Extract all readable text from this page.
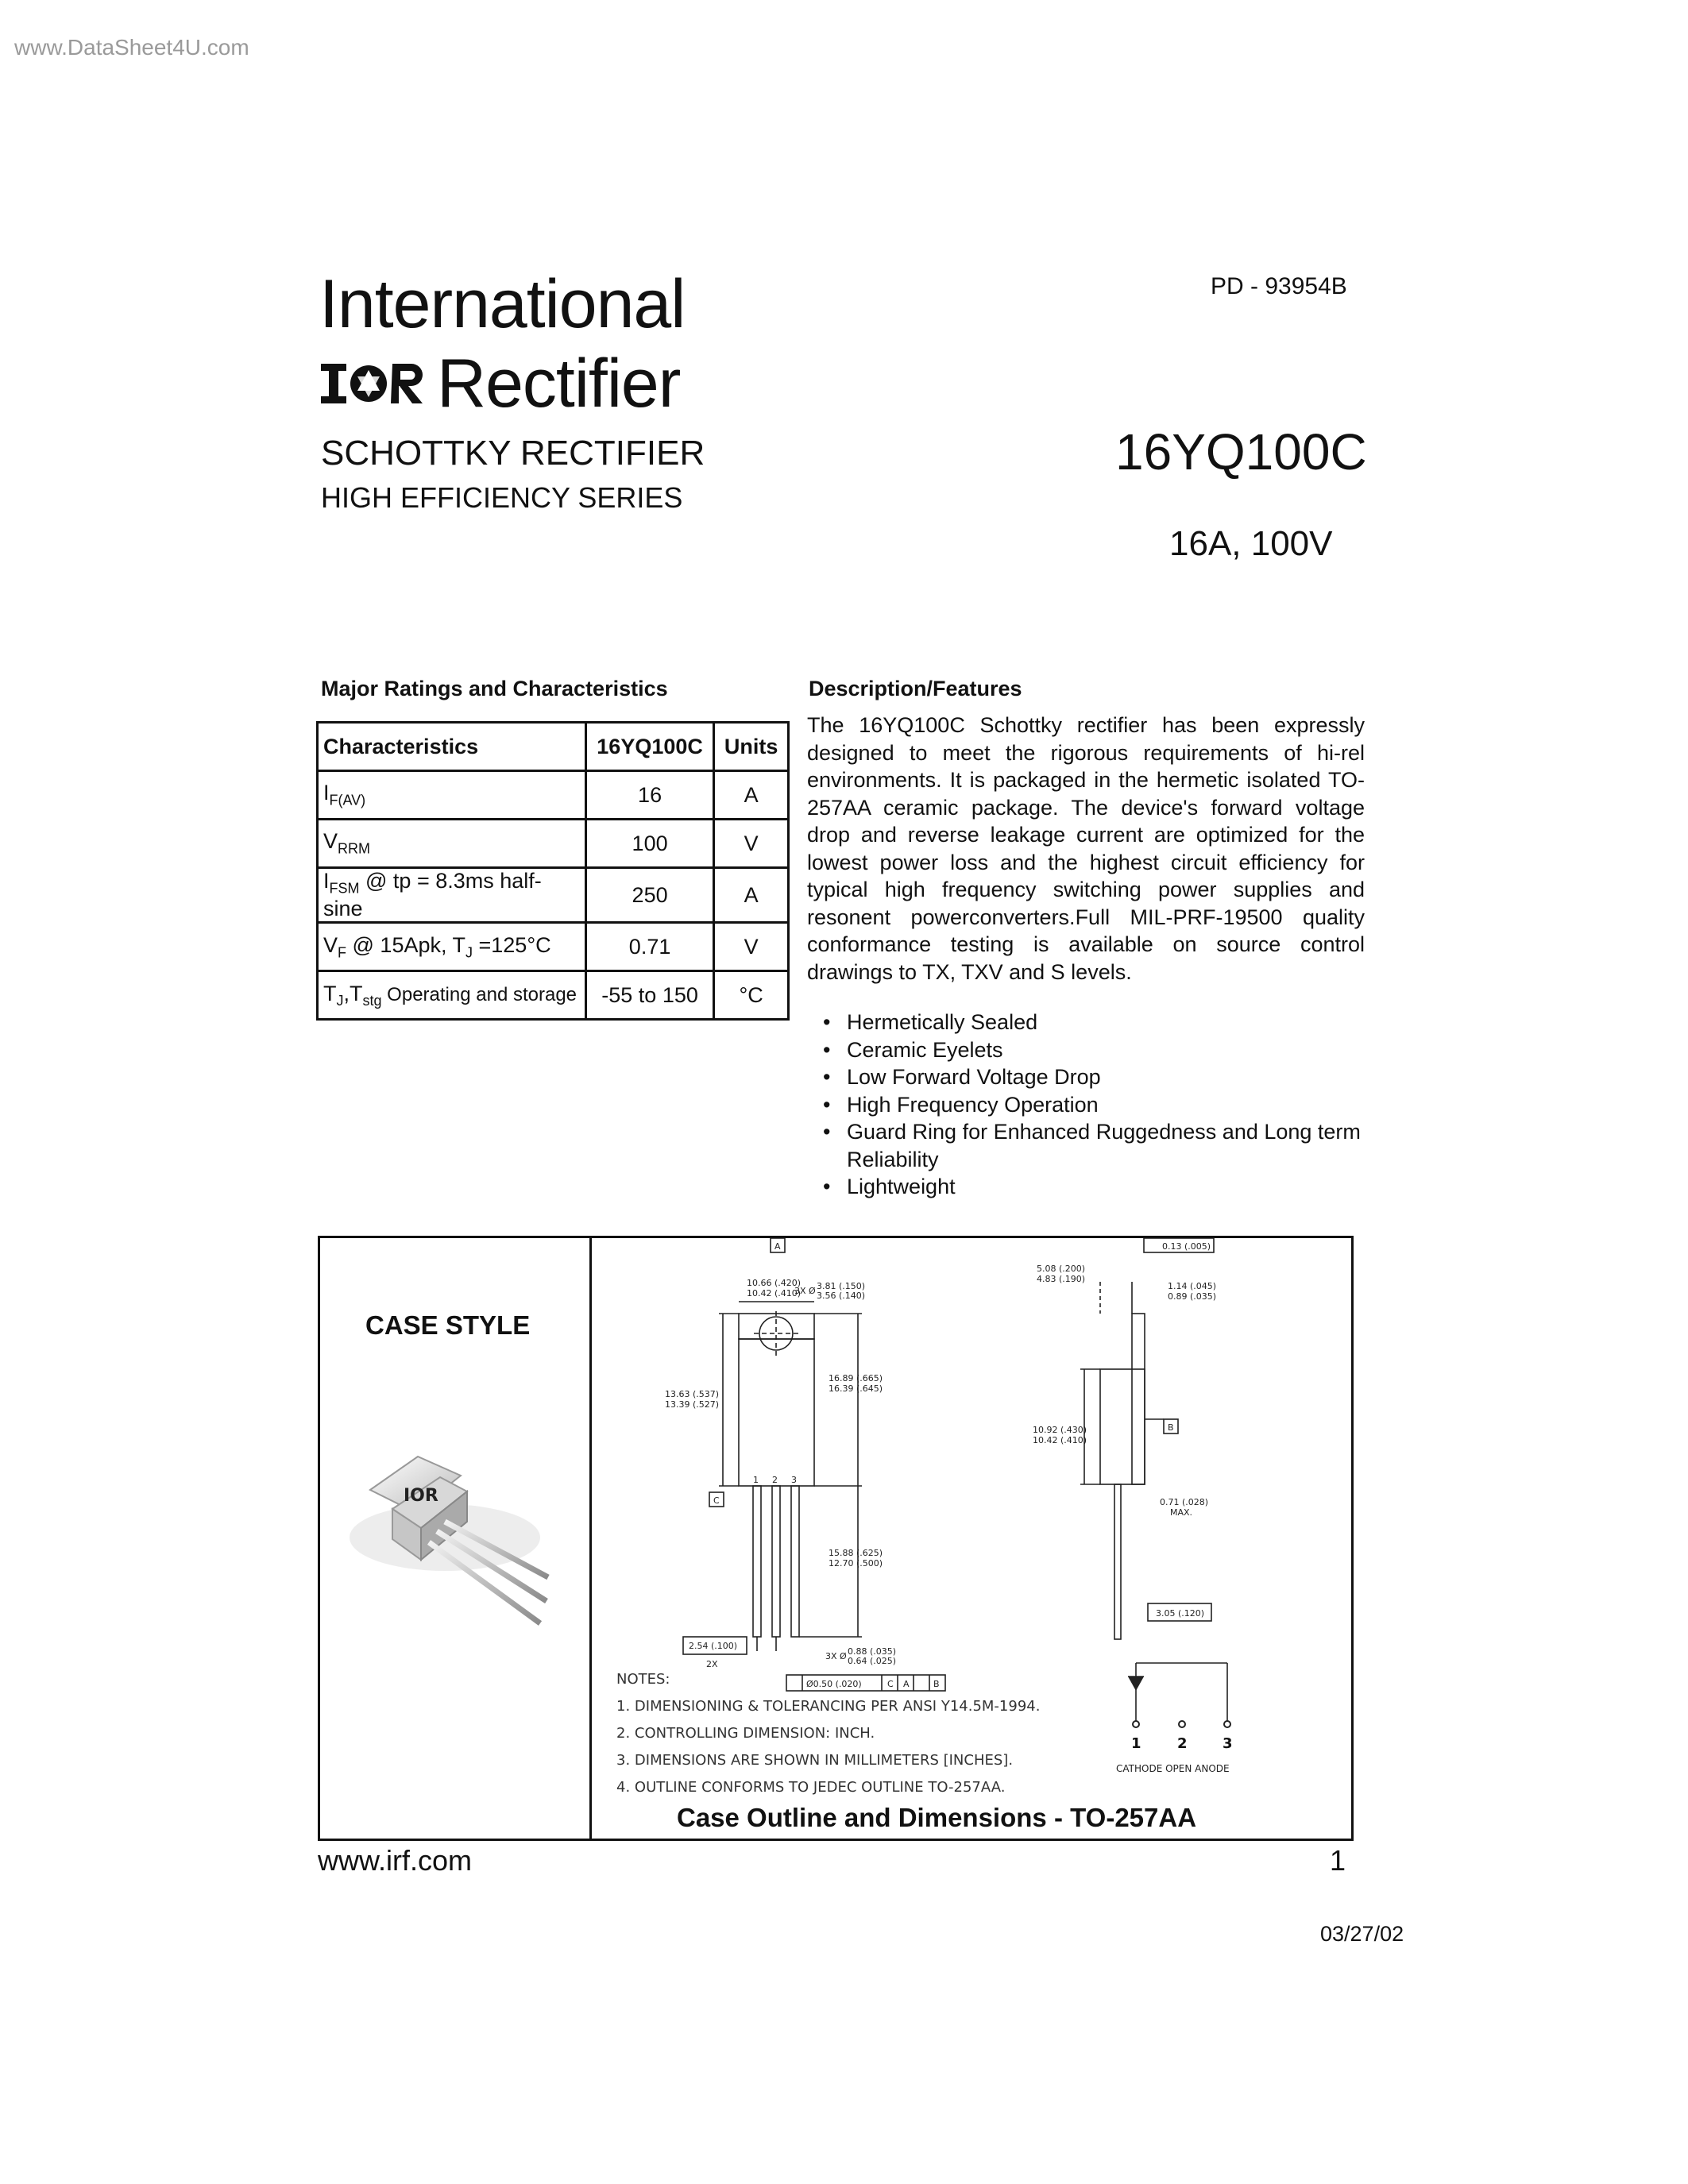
www.DataSheet4U.com
PD - 93954B
International
Rectifier
SCHOTTKY RECTIFIER
HIGH EFFICIENCY SERIES
16YQ100C
16A, 100V
Major Ratings and Characteristics	Description/Features
Characteristics	16YQ100C	Units
$I_{F(AV)}$	16	A
$V_{RRM}$	100	V
$I_{FSM}$ @ tp = 8.3ms half-sine	250	A
$V_F$ @ 15Apk, $T_J =125^\circ C$	0.71	V
$T_J,T_{stg}$ Operating and storage	-55 to 150	°C
The 16YQ100C Schottky rectifier has been expressly designed to meet the rigorous requirements of hi-rel environments. It is packaged in the hermetic isolated TO-257AA ceramic package. The device's forward voltage drop and reverse leakage current are optimized for the lowest power loss and the highest circuit efficiency for typical high frequency switching power supplies and resonent powerconverters.Full MIL-PRF-19500 quality conformance testing is available on source control drawings to TX, TXV and S levels.
• Hermetically Sealed
• Ceramic Eyelets
• Low Forward Voltage Drop
• High Frequency Operation
• Guard Ring for Enhanced Ruggedness and Long term Reliability
• Lightweight
CASE STYLE
IOR
10.66 (.420)
10.42 (.410)
3X Ø 3.81 (.150)
3.56 (.140)
13.63 (.537)
13.39 (.527)
16.89 (.665)
16.39 (.645)
15.88 (.625)
12.70 (.500)
2.54 (.100)
2X
3X Ø 0.88 (.035)
0.64 (.025)
Ø0.50 (.020)	C A	B
A
C
B
1 2 3
0.13 (.005)
5.08 (.200)
4.83 (.190)
1.14 (.045)
0.89 (.035)
10.92 (.430)
10.42 (.410)
0.71 (.028)
MAX.
3.05 (.120)
1	2 3
CATHODE OPEN ANODE
NOTES:
1. DIMENSIONING & TOLERANCING PER ANSI Y14.5M-1994.
2. CONTROLLING DIMENSION: INCH.
3. DIMENSIONS ARE SHOWN IN MILLIMETERS [INCHES].
4. OUTLINE CONFORMS TO JEDEC OUTLINE TO-257AA.
Case Outline and Dimensions - TO-257AA
www.irf.com	1
03/27/02
